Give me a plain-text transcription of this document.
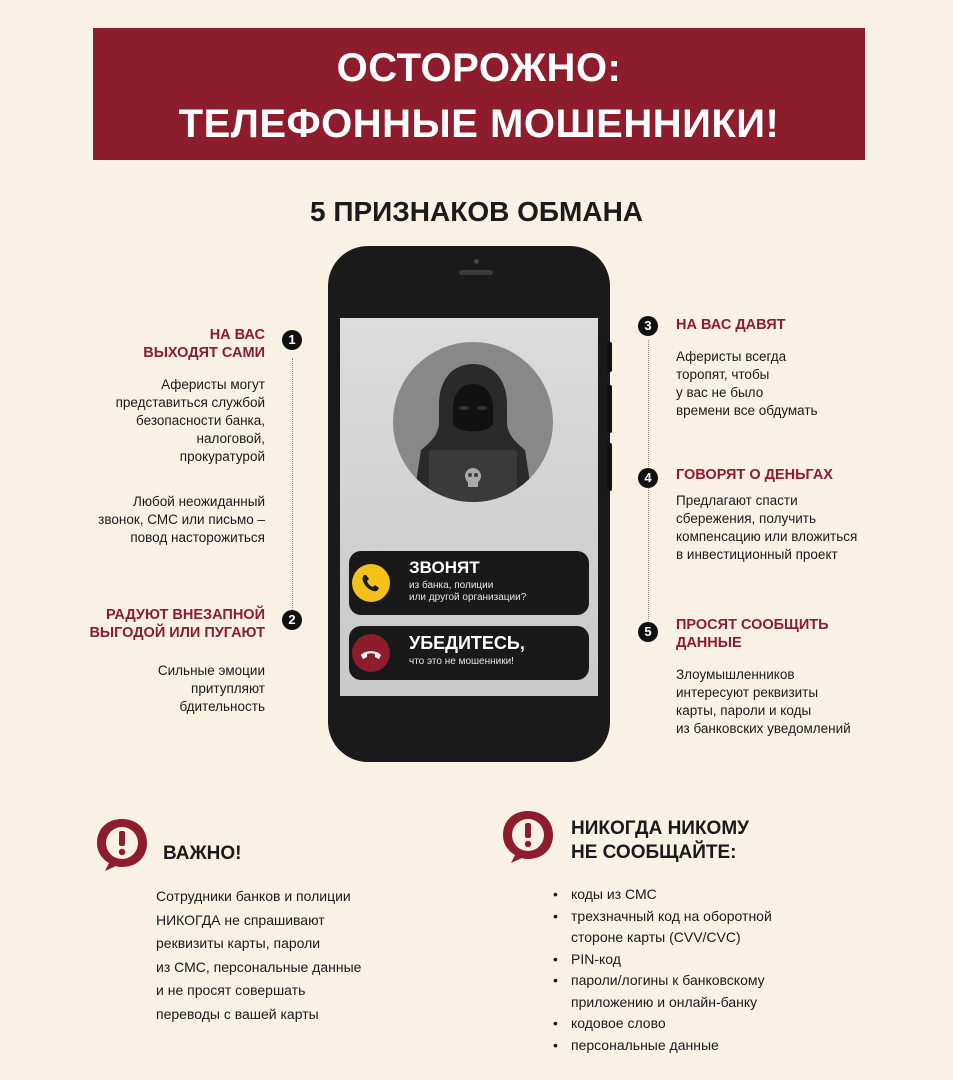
ОСТОРОЖНО:
ТЕЛЕФОННЫЕ МОШЕННИКИ!
5 ПРИЗНАКОВ ОБМАНА
ЗВОНЯТ
из банка, полиции
или другой организации?
УБЕДИТЕСЬ,
что это не мошенники!
1
2
3
4
5
НА ВАС
ВЫХОДЯТ САМИ
Аферисты могут
представиться службой
безопасности банка,
налоговой,
прокуратурой
Любой неожиданный
звонок, СМС или письмо –
повод насторожиться
РАДУЮТ ВНЕЗАПНОЙ
ВЫГОДОЙ ИЛИ ПУГАЮТ
Сильные эмоции
притупляют
бдительность
НА ВАС ДАВЯТ
Аферисты всегда
торопят, чтобы
у вас не было
времени все обдумать
ГОВОРЯТ О ДЕНЬГАХ
Предлагают спасти
сбережения, получить
компенсацию или вложиться
в инвестиционный проект
ПРОСЯТ СООБЩИТЬ
ДАННЫЕ
Злоумышленников
интересуют реквизиты
карты, пароли и коды
из банковских уведомлений
ВАЖНО!
Сотрудники банков и полиции
НИКОГДА не спрашивают
реквизиты карты, пароли
из СМС, персональные данные
и не просят совершать
переводы с вашей карты
НИКОГДА НИКОМУ
НЕ СООБЩАЙТЕ:
• коды из СМС
• трехзначный код на оборотной
стороне карты (CVV/CVC)
• PIN-код
• пароли/логины к банковскому
приложению и онлайн-банку
• кодовое слово
• персональные данные
